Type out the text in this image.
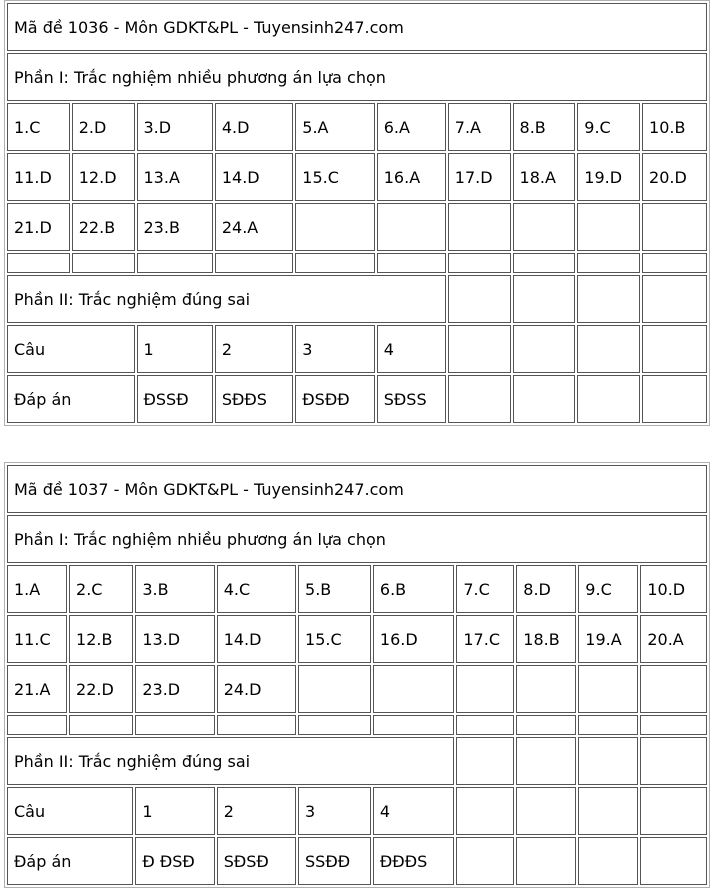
Mã đề 1036 - Môn GDKT&PL - Tuyensinh247.com									
Phần I: Trắc nghiệm nhiều phương án lựa chọn									
1.C	2.D	3.D	4.D	5.A	6.A	7.A	8.B	9.C	10.B
11.D	12.D	13.A	14.D	15.C	16.A	17.D	18.A	19.D	20.D
21.D	22.B	23.B	24.A						

Phần II: Trắc nghiệm đúng sai									
Câu		1	2	3	4				
Đáp án		ĐSSĐ	SĐĐS	ĐSĐĐ	SĐSS				
Mã đề 1037 - Môn GDKT&PL - Tuyensinh247.com									
Phần I: Trắc nghiệm nhiều phương án lựa chọn									
1.A	2.C	3.B	4.C	5.B	6.B	7.C	8.D	9.C	10.D
11.C	12.B	13.D	14.D	15.C	16.D	17.C	18.B	19.A	20.A
21.A	22.D	23.D	24.D						

Phần II: Trắc nghiệm đúng sai									
Câu		1	2	3	4				
Đáp án		Đ ĐSĐ	SĐSĐ	SSĐĐ	ĐĐĐS				
